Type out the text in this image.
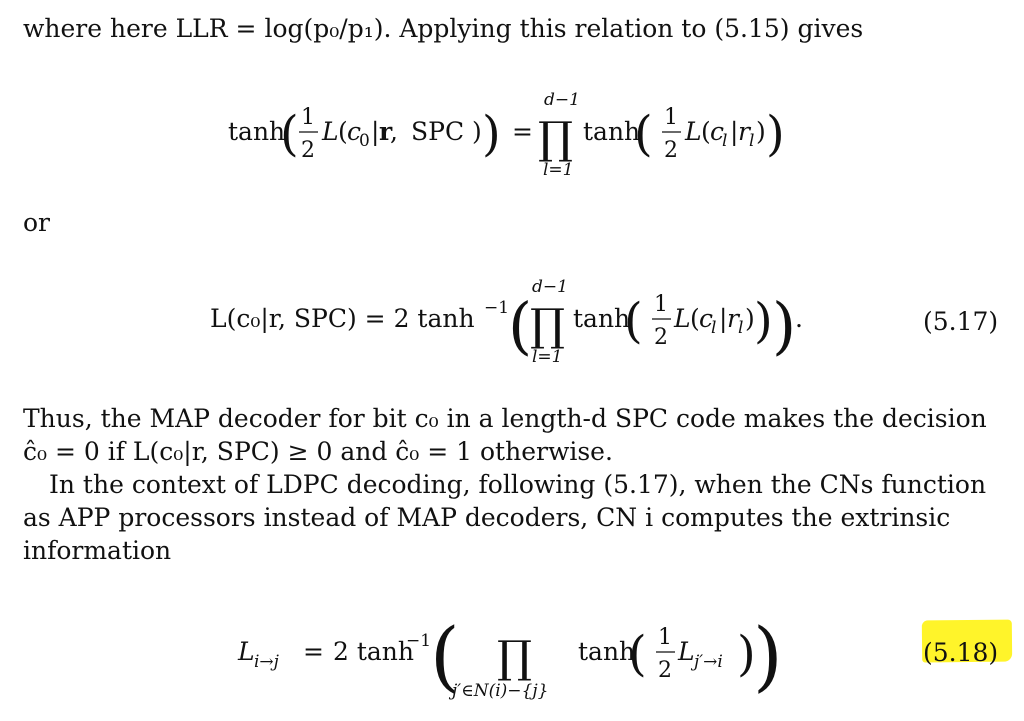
where here LLR = log(p₀/p₁). Applying this relation to (5.15) gives
or
tanh
( 1
2
L ( c
0 | r
, SPC ) ) =
d−1
∏
l=1
tanh
( 1
2
L ( c
l | r l ) )
L(c₀|r, SPC) = 2 tanh −1
(
d−1
∏
l=1
tanh
( 1
2
L ( c
l | r l ) ) )
.
L i→j = 2 tanh
−1
( ∏
j′∈N(i)−{j}
tanh
( 1
2
L j′→i )
)
(5.17)
(5.18)
Thus, the MAP decoder for bit c₀ in a length-d SPC code makes the decision
ĉ₀ = 0 if L(c₀|r, SPC) ≥ 0 and ĉ₀ = 1 otherwise.
In the context of LDPC decoding, following (5.17), when the CNs function
as APP processors instead of MAP decoders, CN i computes the extrinsic
information
